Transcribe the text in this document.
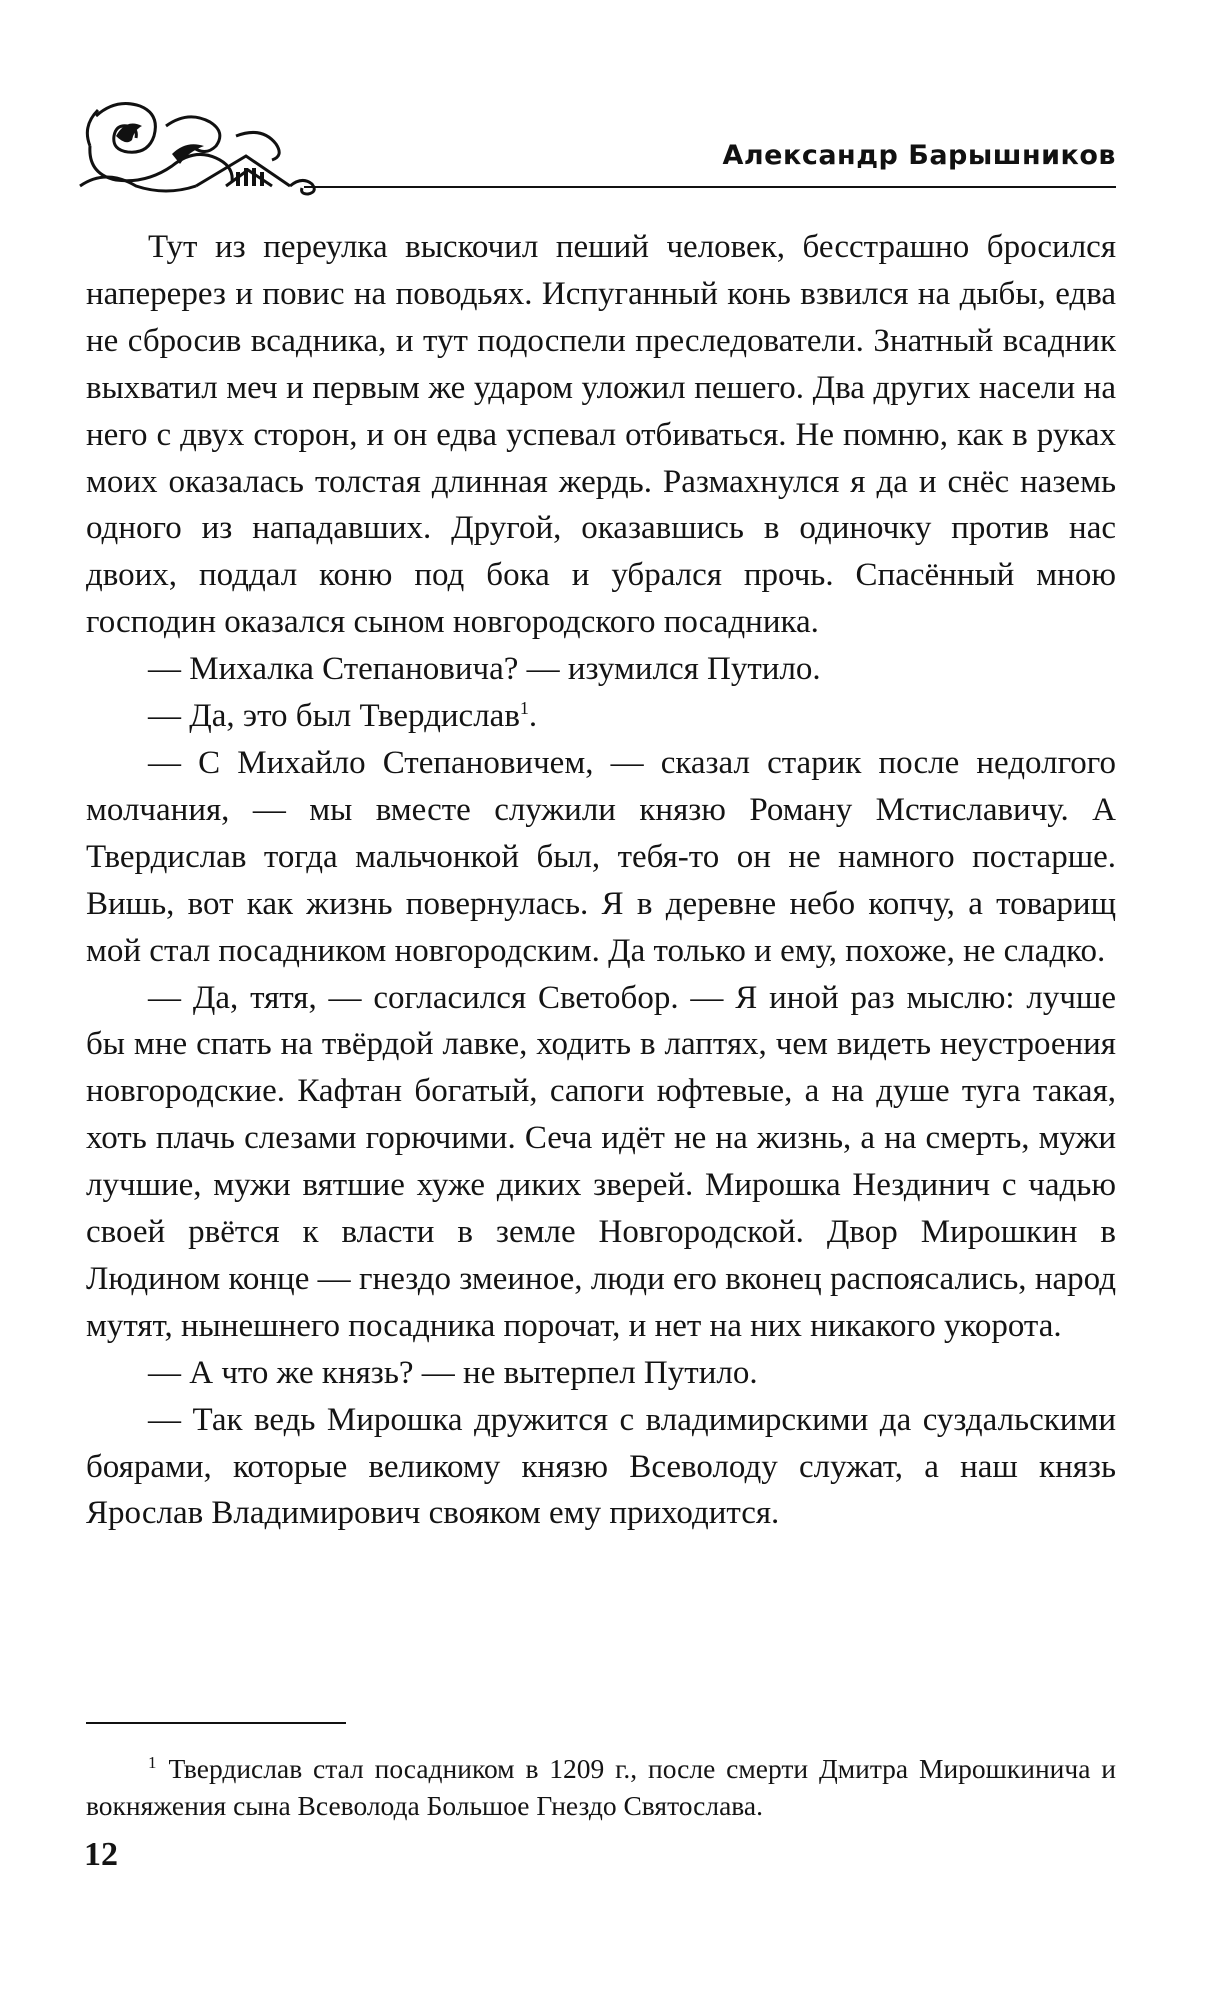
Александр Барышников

Тут из переулка выскочил пеший человек, бесстрашно бросился наперерез и повис на поводьях. Испуганный конь взвился на дыбы, едва не сбросив всадника, и тут подоспели преследователи. Знатный всадник выхватил меч и первым же ударом уложил пешего. Два других насели на него с двух сторон, и он едва успевал отбиваться. Не помню, как в руках моих оказалась толстая длинная жердь. Размахнулся я да и снёс наземь одного из нападавших. Другой, оказавшись в одиночку против нас двоих, поддал коню под бока и убрался прочь. Спасённый мною господин оказался сыном новгородского посадника.

— Михалка Степановича? — изумился Путило.

— Да, это был Твердислав$^1$.

— С Михайло Степановичем, — сказал старик после недолгого молчания, — мы вместе служили князю Роману Мстиславичу. А Твердислав тогда мальчонкой был, тебя-то он не намного постарше. Вишь, вот как жизнь повернулась. Я в деревне небо копчу, а товарищ мой стал посадником новгородским. Да только и ему, похоже, не сладко.

— Да, тятя, — согласился Светобор. — Я иной раз мыслю: лучше бы мне спать на твёрдой лавке, ходить в лаптях, чем видеть неустроения новгородские. Кафтан богатый, сапоги юфтевые, а на душе туга такая, хоть плачь слезами горючими. Сеча идёт не на жизнь, а на смерть, мужи лучшие, мужи вятшие хуже диких зверей. Мирошка Нездинич с чадью своей рвётся к власти в земле Новгородской. Двор Мирошкин в Людином конце — гнездо змеиное, люди его вконец распоясались, народ мутят, нынешнего посадника порочат, и нет на них никакого укорота.

— А что же князь? — не вытерпел Путило.

— Так ведь Мирошка дружится с владимирскими да суздальскими боярами, которые великому князю Всеволоду служат, а наш князь Ярослав Владимирович свояком ему приходится.

$^1$ Твердислав стал посадником в 1209 г., после смерти Дмитра Мирошкинича и вокняжения сына Всеволода Большое Гнездо Святослава.
12
